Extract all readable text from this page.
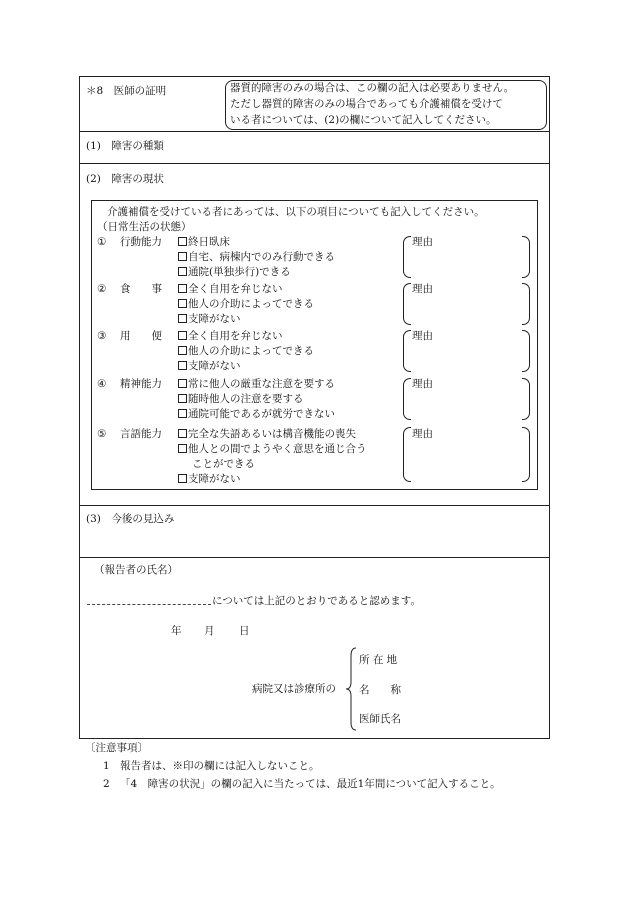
＊8　医師の証明	器質的障害のみの場合は、この欄の記入は必要ありません。
ただし器質的障害のみの場合であっても介護補償を受けて
いる者については、(2)の欄について記入してください。
(1)　障害の種類
(2)　障害の現状
介護補償を受けている者にあっては、以下の項目についても記入してください。
（日常生活の状態）
① 行動能力	終日臥床
自宅、病棟内でのみ行動できる
通院(単独歩行)できる
理由
② 食　　事	全く自用を弁じない
他人の介助によってできる
支障がない
理由
③ 用　　便	全く自用を弁じない
他人の介助によってできる
支障がない
理由
④ 精神能力	常に他人の厳重な注意を要する
随時他人の注意を要する
通院可能であるが就労できない
理由
⑤ 言語能力	完全な失語あるいは構音機能の喪失
他人との間でようやく意思を通じ合う
ことができる
支障がない
理由
(3)　今後の見込み
（報告者の氏名）
については上記のとおりであると認めます。
年 月 日
病院又は診療所の
所 在 地
名　　称
医師氏名
〔注意事項〕
1 報告者は、※印の欄には記入しないこと。
2 「4　障害の状況」の欄の記入に当たっては、最近1年間について記入すること。
